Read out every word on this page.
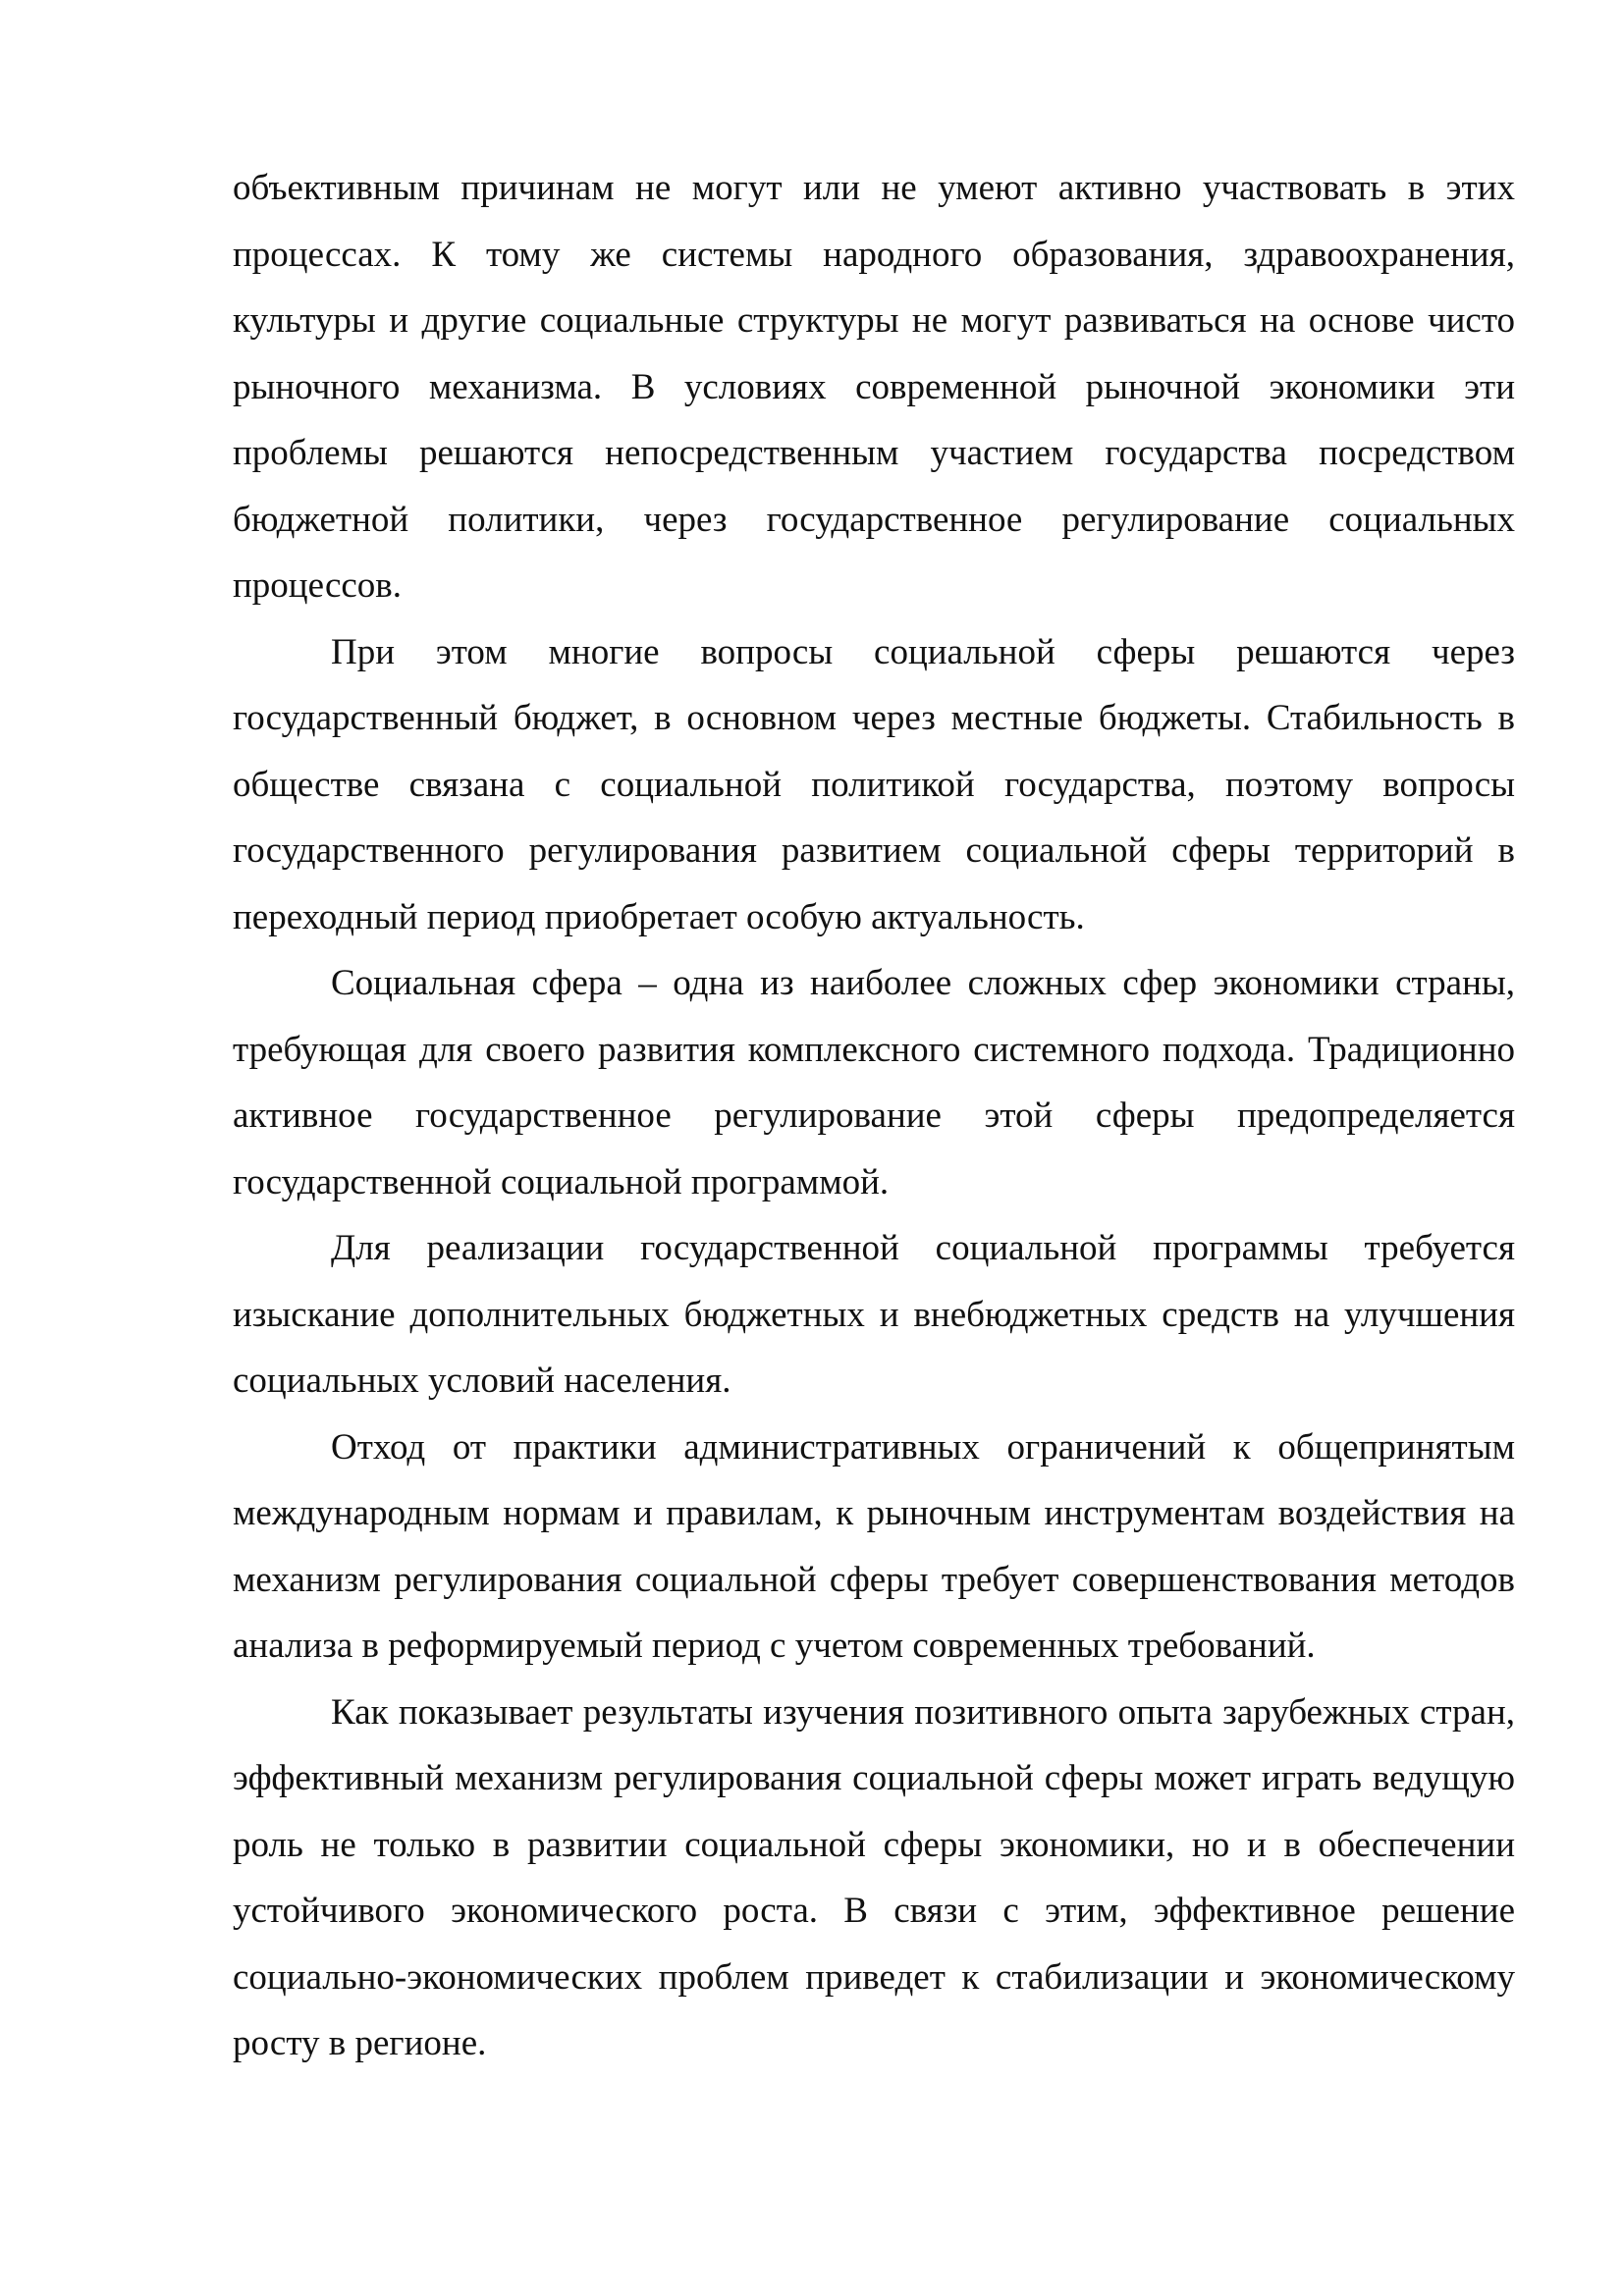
объективным причинам не могут или не умеют активно участвовать в этих процессах. К тому же системы народного образования, здравоохранения, культуры и другие социальные структуры не могут развиваться на основе чисто рыночного механизма. В условиях современной рыночной экономики эти проблемы решаются непосредственным участием государства посредством бюджетной политики, через государственное регулирование социальных процессов.

При этом многие вопросы социальной сферы решаются через государственный бюджет, в основном через местные бюджеты. Стабильность в обществе связана с социальной политикой государства, поэтому вопросы государственного регулирования развитием социальной сферы территорий в переходный период приобретает особую актуальность.

Социальная сфера – одна из наиболее сложных сфер экономики страны, требующая для своего развития комплексного системного подхода. Традиционно активное государственное регулирование этой сферы предопределяется государственной социальной программой.

Для реализации государственной социальной программы требуется изыскание дополнительных бюджетных и внебюджетных средств на улучшения социальных условий населения.

Отход от практики административных ограничений к общепринятым международным нормам и правилам, к рыночным инструментам воздействия на механизм регулирования социальной сферы требует совершенствования методов анализа в реформируемый период с учетом современных требований.

Как показывает результаты изучения позитивного опыта зарубежных стран, эффективный механизм регулирования социальной сферы может играть ведущую роль не только в развитии социальной сферы экономики, но и в обеспечении устойчивого экономического роста. В связи с этим, эффективное решение социально-экономических проблем приведет к стабилизации и экономическому росту в регионе.
